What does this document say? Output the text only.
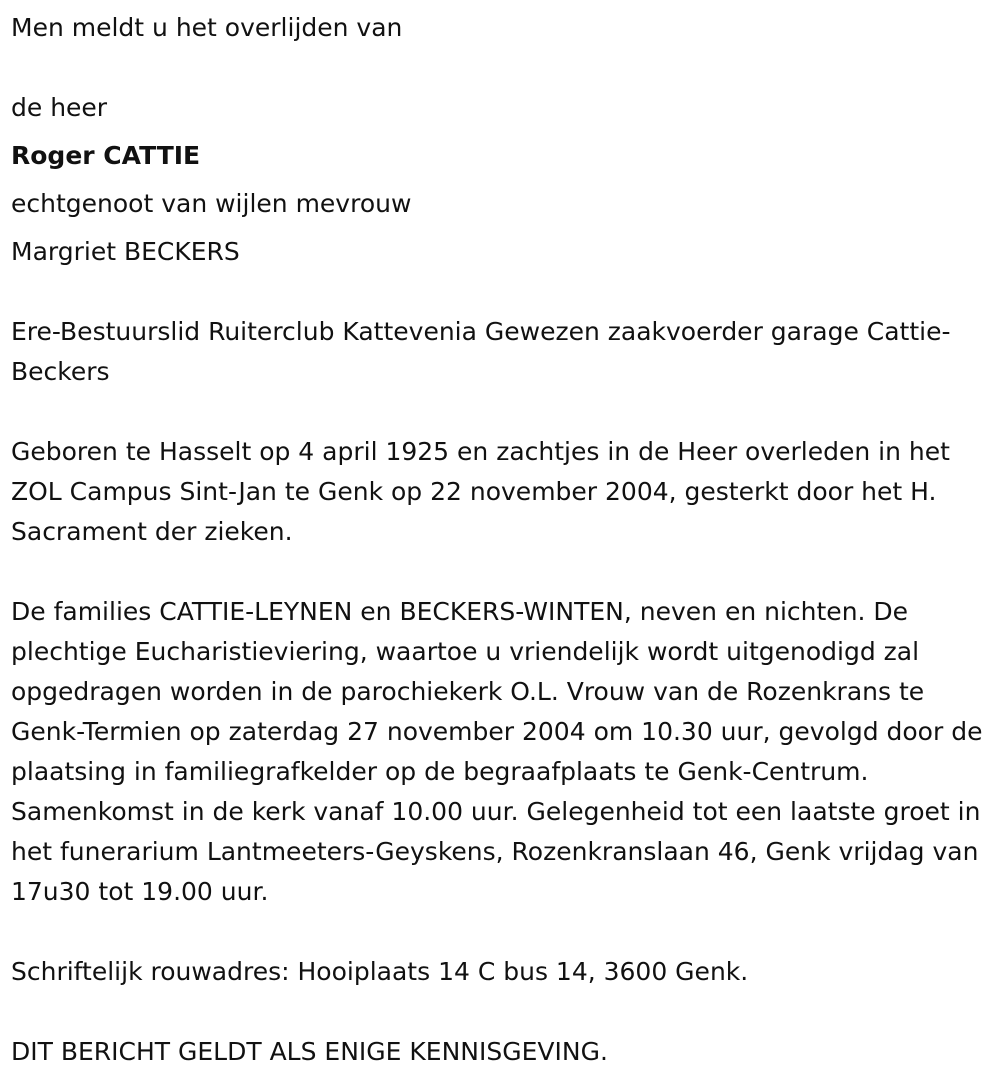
Men meldt u het overlijden van

de heer

Roger CATTIE

echtgenoot van wijlen mevrouw

Margriet BECKERS

Ere-Bestuurslid Ruiterclub Kattevenia Gewezen zaakvoerder garage Cattie-Beckers

Geboren te Hasselt op 4 april 1925 en zachtjes in de Heer overleden in het ZOL Campus Sint-Jan te Genk op 22 november 2004, gesterkt door het H. Sacrament der zieken.

De families CATTIE-LEYNEN en BECKERS-WINTEN, neven en nichten. De plechtige Eucharistieviering, waartoe u vriendelijk wordt uitgenodigd zal opgedragen worden in de parochiekerk O.L. Vrouw van de Rozenkrans te Genk-Termien op zaterdag 27 november 2004 om 10.30 uur, gevolgd door de plaatsing in familiegrafkelder op de begraafplaats te Genk-Centrum. Samenkomst in de kerk vanaf 10.00 uur. Gelegenheid tot een laatste groet in het funerarium Lantmeeters-Geyskens, Rozenkranslaan 46, Genk vrijdag van 17u30 tot 19.00 uur.

Schriftelijk rouwadres: Hooiplaats 14 C bus 14, 3600 Genk.

DIT BERICHT GELDT ALS ENIGE KENNISGEVING.
